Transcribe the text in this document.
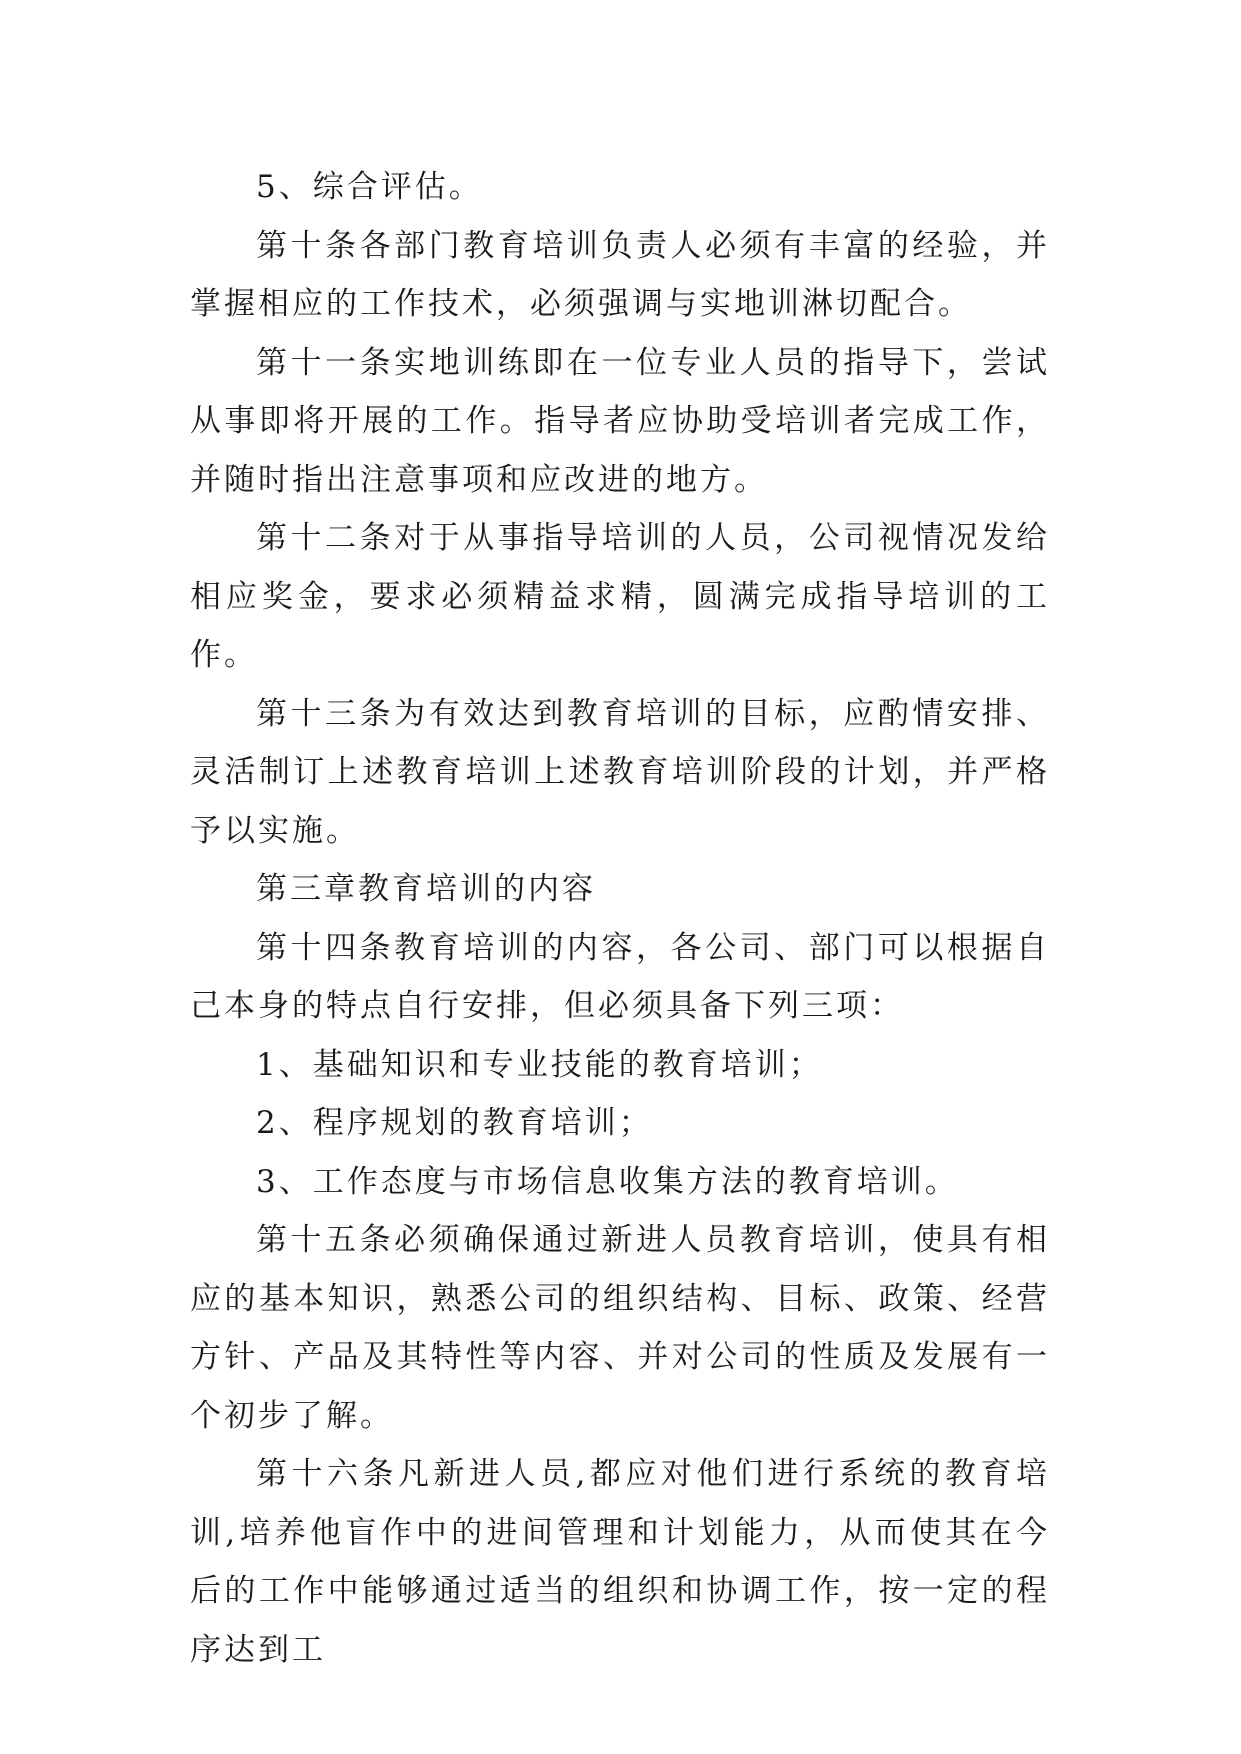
5、综合评估。

第十条各部门教育培训负责人必须有丰富的经验，并掌握相应的工作技术，必须强调与实地训淋切配合。

第十一条实地训练即在一位专业人员的指导下，尝试从事即将开展的工作。指导者应协助受培训者完成工作，并随时指出注意事项和应改进的地方。

第十二条对于从事指导培训的人员，公司视情况发给相应奖金，要求必须精益求精，圆满完成指导培训的工作。

第十三条为有效达到教育培训的目标，应酌情安排、灵活制订上述教育培训上述教育培训阶段的计划，并严格予以实施。

第三章教育培训的内容

第十四条教育培训的内容，各公司、部门可以根据自己本身的特点自行安排，但必须具备下列三项：

1、基础知识和专业技能的教育培训；

2、程序规划的教育培训；

3、工作态度与市场信息收集方法的教育培训。

第十五条必须确保通过新进人员教育培训，使具有相应的基本知识，熟悉公司的组织结构、目标、政策、经营方针、产品及其特性等内容、并对公司的性质及发展有一个初步了解。

第十六条凡新进人员,都应对他们进行系统的教育培训,培养他盲作中的进间管理和计划能力，从而使其在今后的工作中能够通过适当的组织和协调工作，按一定的程序达到工
